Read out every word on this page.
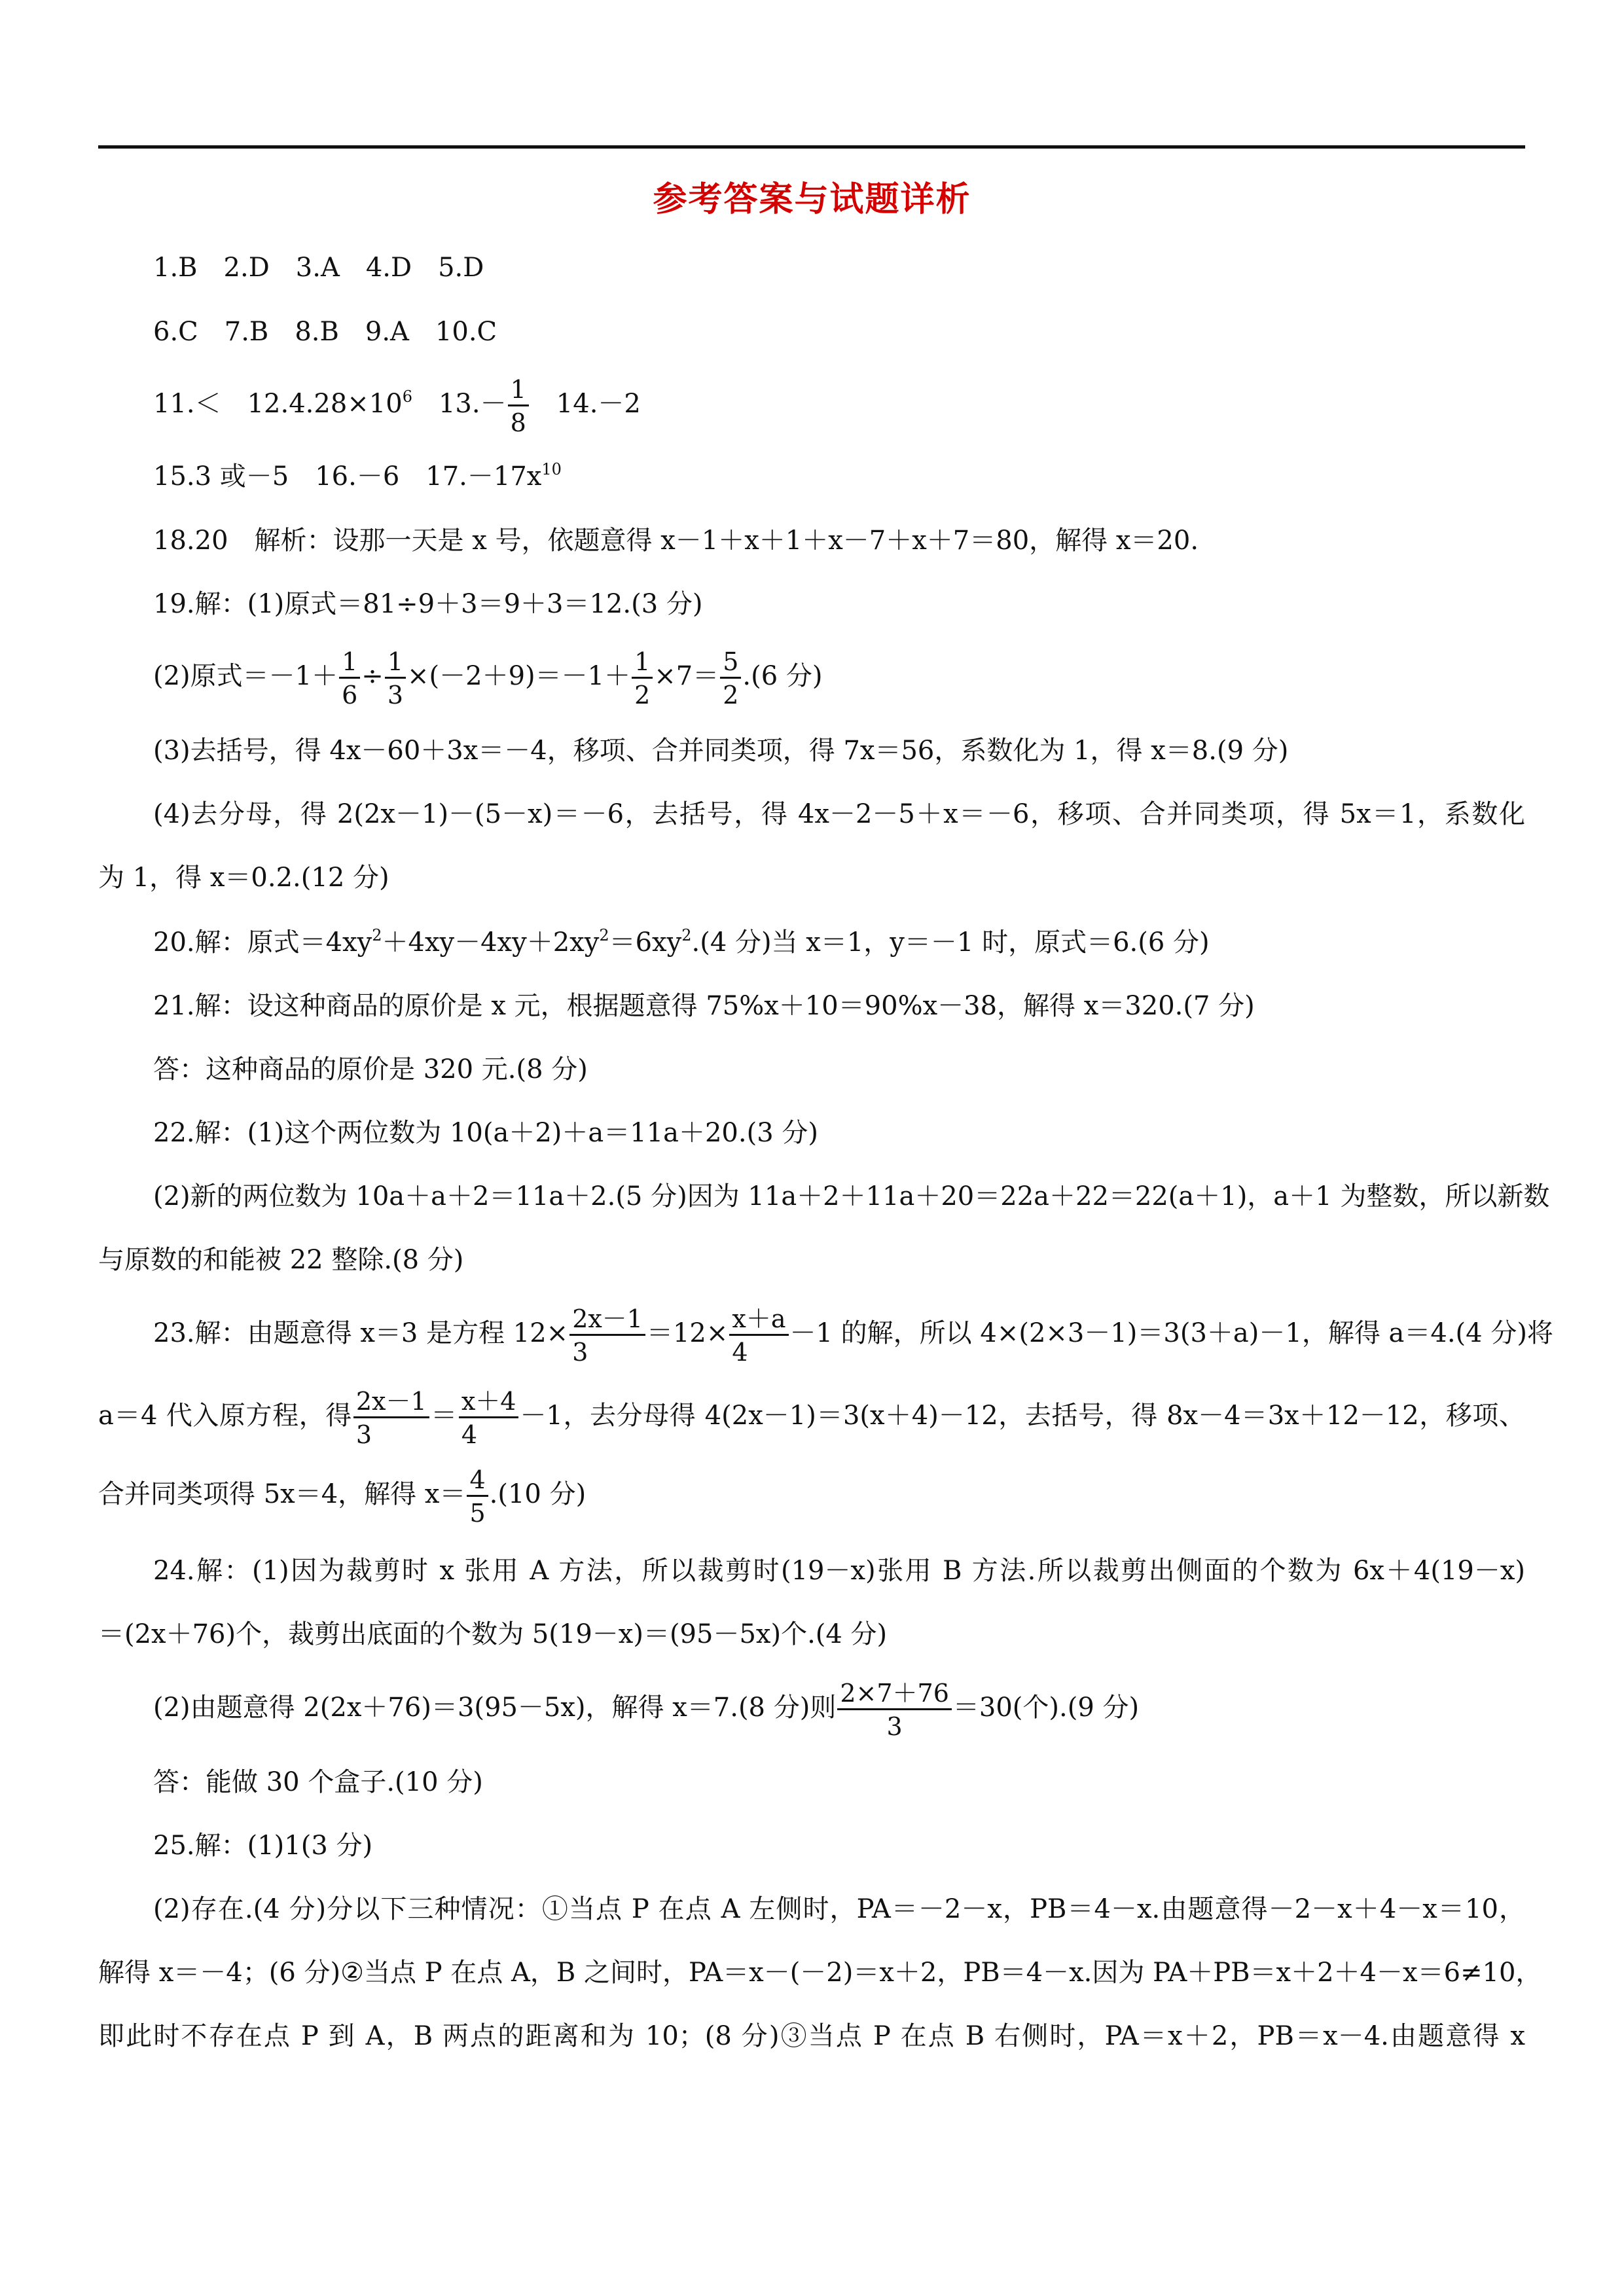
参考答案与试题详析
1.B　2.D　3.A　4.D　5.D
6.C　7.B　8.B　9.A　10.C
11.＜　$12.4.28\times 10^6$　$13.- \frac{1}{8}$ 　14.－2
15.3 或－5　16.－6　$17.-17x^{10}$
18.20　解析：设那一天是 x 号，依题意得 x－1＋x＋1＋x－7＋x＋7＝80，解得 x＝20.
19.解：(1)原式＝81÷9＋3＝9＋3＝12.(3 分)
(2)原式$=-1+ \frac{1}{6} \div \frac{1}{3} \times(-2+9)=-1+ \frac{1}{2} \times 7= \frac{5}{2} .(6$ 分)
(3)去括号，得 4x－60＋3x＝－4，移项、合并同类项，得 7x＝56，系数化为 1，得 x＝8.(9 分)
(4)去分母，得 2(2x－1)－(5－x)＝－6，去括号，得 4x－2－5＋x＝－6，移项、合并同类项，得 5x＝1，系数化
为 1，得 x＝0.2.(12 分)
20.解：原式$=4xy^2+4xy-4xy+2xy^2=6xy^2.(4$ 分)当 x＝1，y＝－1 时，原式＝6.(6 分)
21.解：设这种商品的原价是 x 元，根据题意得 75%x＋10＝90%x－38，解得 x＝320.(7 分)
答：这种商品的原价是 320 元.(8 分)
22.解：(1)这个两位数为 10(a＋2)＋a＝11a＋20.(3 分)
(2)新的两位数为 10a＋a＋2＝11a＋2.(5 分)因为 11a＋2＋11a＋20＝22a＋22＝22(a＋1)，a＋1 为整数，所以新数
与原数的和能被 22 整除.(8 分)
23.解：由题意得 x＝3 是方程 $12\times \frac{2x-1}{3} =12\times \frac{x+a}{4} -1$ 的解，所以 4×(2×3－1)＝3(3＋a)－1，解得 a＝4.(4 分)将
a＝4 代入原方程，得 $\frac{2x-1}{3} = \frac{x+4}{4} -1$，去分母得 4(2x－1)＝3(x＋4)－12，去括号，得 8x－4＝3x＋12－12，移项、
合并同类项得 5x＝4，解得 $x= \frac{4}{5} .(10$ 分)
24.解：(1)因为裁剪时 x 张用 A 方法，所以裁剪时(19－x)张用 B 方法.所以裁剪出侧面的个数为 6x＋4(19－x)
＝(2x＋76)个，裁剪出底面的个数为 5(19－x)＝(95－5x)个.(4 分)
(2)由题意得 2(2x＋76)＝3(95－5x)，解得 x＝7.(8 分)则 $\frac{2\times 7+76}{3} =30$(个).(9 分)
答：能做 30 个盒子.(10 分)
25.解：(1)1(3 分)
(2)存在.(4 分)分以下三种情况：①当点 P 在点 A 左侧时，PA＝－2－x，PB＝4－x.由题意得－2－x＋4－x＝10，
解得 x＝－4；(6 分)②当点 P 在点 A，B 之间时，PA＝x－(－2)＝x＋2，PB＝4－x.因为 PA＋PB＝x＋2＋4－x＝6≠10，
即此时不存在点 P 到 A，B 两点的距离和为 10；(8 分)③当点 P 在点 B 右侧时，PA＝x＋2，PB＝x－4.由题意得 x
